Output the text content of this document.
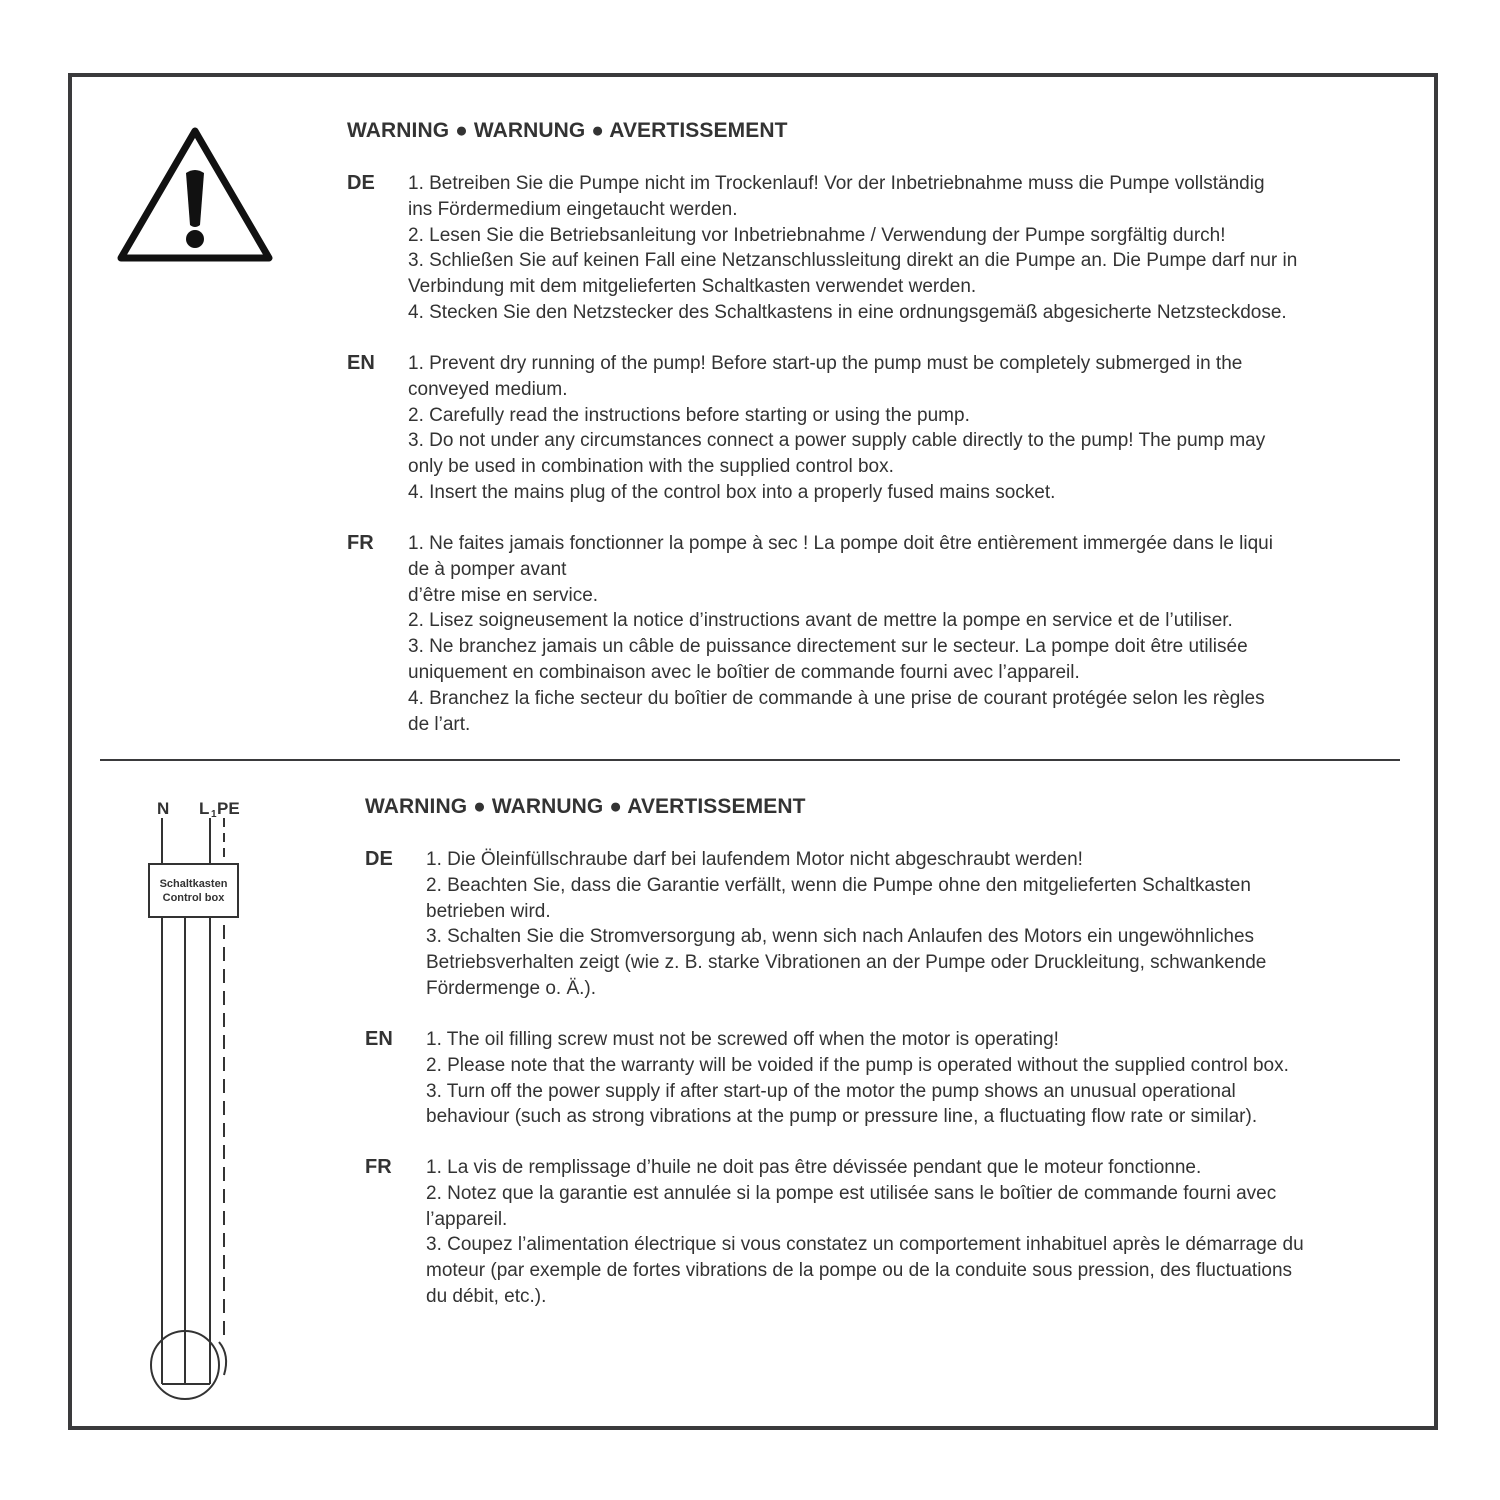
WARNING ● WARNUNG ● AVERTISSEMENT
DE 1. Betreiben Sie die Pumpe nicht im Trockenlauf! Vor der Inbetriebnahme muss die Pumpe vollständig
ins Fördermedium eingetaucht werden.
2. Lesen Sie die Betriebsanleitung vor Inbetriebnahme / Verwendung der Pumpe sorgfältig durch!
3. Schließen Sie auf keinen Fall eine Netzanschlussleitung direkt an die Pumpe an. Die Pumpe darf nur in
Verbindung mit dem mitgelieferten Schaltkasten verwendet werden.
4. Stecken Sie den Netzstecker des Schaltkastens in eine ordnungsgemäß abgesicherte Netzsteckdose.
EN 1. Prevent dry running of the pump! Before start-up the pump must be completely submerged in the
conveyed medium.
2. Carefully read the instructions before starting or using the pump.
3. Do not under any circumstances connect a power supply cable directly to the pump! The pump may
only be used in combination with the supplied control box.
4. Insert the mains plug of the control box into a properly fused mains socket.
FR 1. Ne faites jamais fonctionner la pompe à sec ! La pompe doit être entièrement immergée dans le liqui
de à pomper avant
d’être mise en service.
2. Lisez soigneusement la notice d’instructions avant de mettre la pompe en service et de l’utiliser.
3. Ne branchez jamais un câble de puissance directement sur le secteur. La pompe doit être utilisée
uniquement en combinaison avec le boîtier de commande fourni avec l’appareil.
4. Branchez la fiche secteur du boîtier de commande à une prise de courant protégée selon les règles
de l’art.
N L 1 PE
Schaltkasten
Control box
WARNING ● WARNUNG ● AVERTISSEMENT
DE 1. Die Öleinfüllschraube darf bei laufendem Motor nicht abgeschraubt werden!
2. Beachten Sie, dass die Garantie verfällt, wenn die Pumpe ohne den mitgelieferten Schaltkasten
betrieben wird.
3. Schalten Sie die Stromversorgung ab, wenn sich nach Anlaufen des Motors ein ungewöhnliches
Betriebsverhalten zeigt (wie z. B. starke Vibrationen an der Pumpe oder Druckleitung, schwankende
Fördermenge o. Ä.).
EN 1. The oil filling screw must not be screwed off when the motor is operating!
2. Please note that the warranty will be voided if the pump is operated without the supplied control box.
3. Turn off the power supply if after start-up of the motor the pump shows an unusual operational
behaviour (such as strong vibrations at the pump or pressure line, a fluctuating flow rate or similar).
FR 1. La vis de remplissage d’huile ne doit pas être dévissée pendant que le moteur fonctionne.
2. Notez que la garantie est annulée si la pompe est utilisée sans le boîtier de commande fourni avec
l’appareil.
3. Coupez l’alimentation électrique si vous constatez un comportement inhabituel après le démarrage du
moteur (par exemple de fortes vibrations de la pompe ou de la conduite sous pression, des fluctuations
du débit, etc.).
